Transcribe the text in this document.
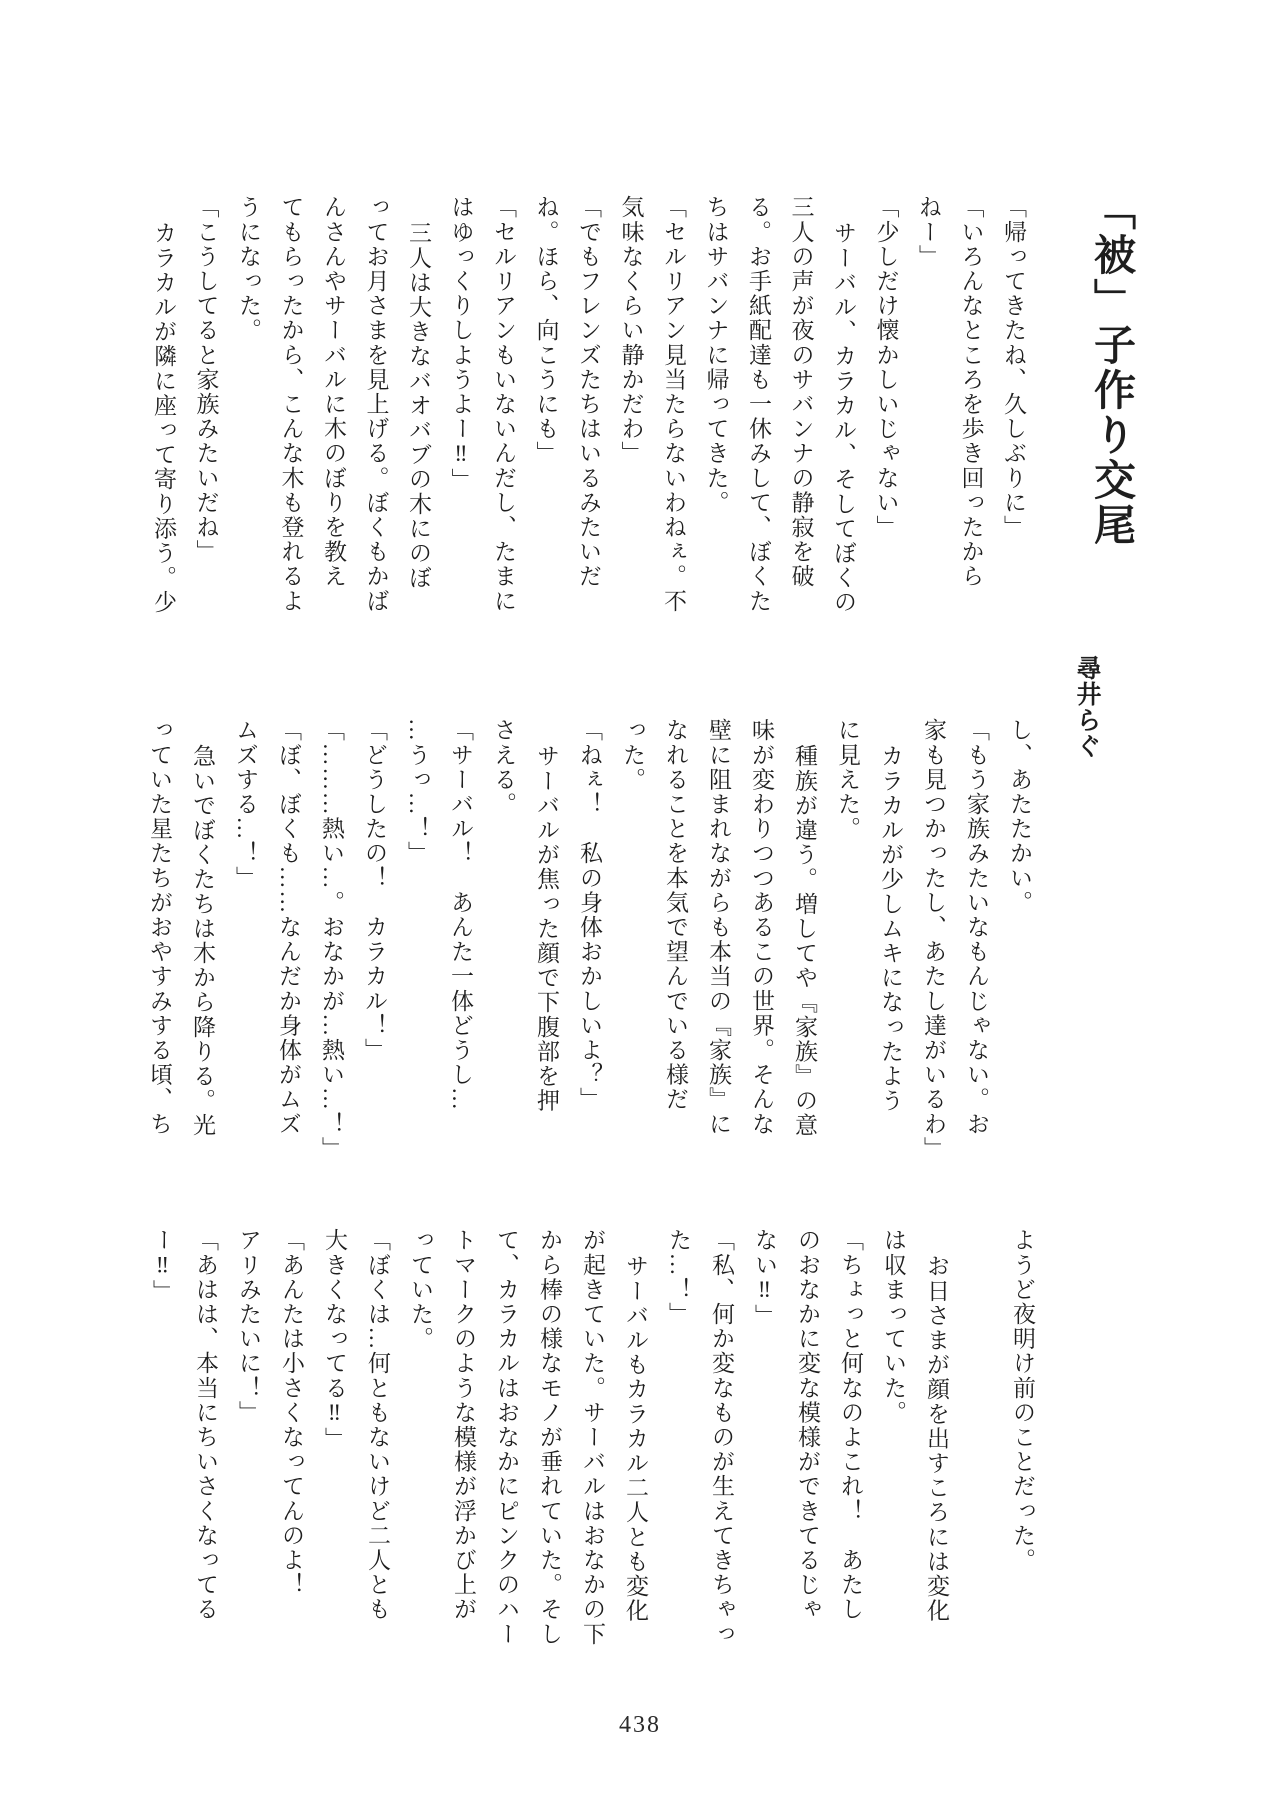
「被」子作り交尾
尋井らぐ
「帰ってきたね、久しぶりに」
「いろんなところを歩き回ったから
ねー」
「少しだけ懐かしいじゃない」
サーバル、カラカル、そしてぼくの
三人の声が夜のサバンナの静寂を破
る。お手紙配達も一休みして、ぼくた
ちはサバンナに帰ってきた。
「セルリアン見当たらないわねぇ。不
気味なくらい静かだわ」
「でもフレンズたちはいるみたいだ
ね。ほら、向こうにも」
「セルリアンもいないんだし、たまに
はゆっくりしようよー‼」
三人は大きなバオバブの木にのぼ
ってお月さまを見上げる。ぼくもかば
んさんやサーバルに木のぼりを教え
てもらったから、こんな木も登れるよ
うになった。
「こうしてると家族みたいだね」
カラカルが隣に座って寄り添う。少
し、あたたかい。
「もう家族みたいなもんじゃない。お
家も見つかったし、あたし達がいるわ」
カラカルが少しムキになったよう
に見えた。
種族が違う。増してや『家族』の意
味が変わりつつあるこの世界。そんな
壁に阻まれながらも本当の『家族』に
なれることを本気で望んでいる様だ
った。
「ねぇ！　私の身体おかしいよ？」
サーバルが焦った顔で下腹部を押
さえる。
「サーバル！　あんた一体どうし…
…うっ…！」
「どうしたの！　カラカル！」
「………熱い…。おなかが…熱い…！」
「ぼ、ぼくも……なんだか身体がムズ
ムズする…！」
急いでぼくたちは木から降りる。光
っていた星たちがおやすみする頃、ち
ようど夜明け前のことだった。
お日さまが顔を出すころには変化
は収まっていた。
「ちょっと何なのよこれ！　あたし
のおなかに変な模様ができてるじゃ
ない‼」
「私、何か変なものが生えてきちゃっ
た…！」
サーバルもカラカル二人とも変化
が起きていた。サーバルはおなかの下
から棒の様なモノが垂れていた。そし
て、カラカルはおなかにピンクのハー
トマークのような模様が浮かび上が
っていた。
「ぼくは…何ともないけど二人とも
大きくなってる‼」
「あんたは小さくなってんのよ！
アリみたいに！」
「あはは、本当にちいさくなってる
ー‼」
438
